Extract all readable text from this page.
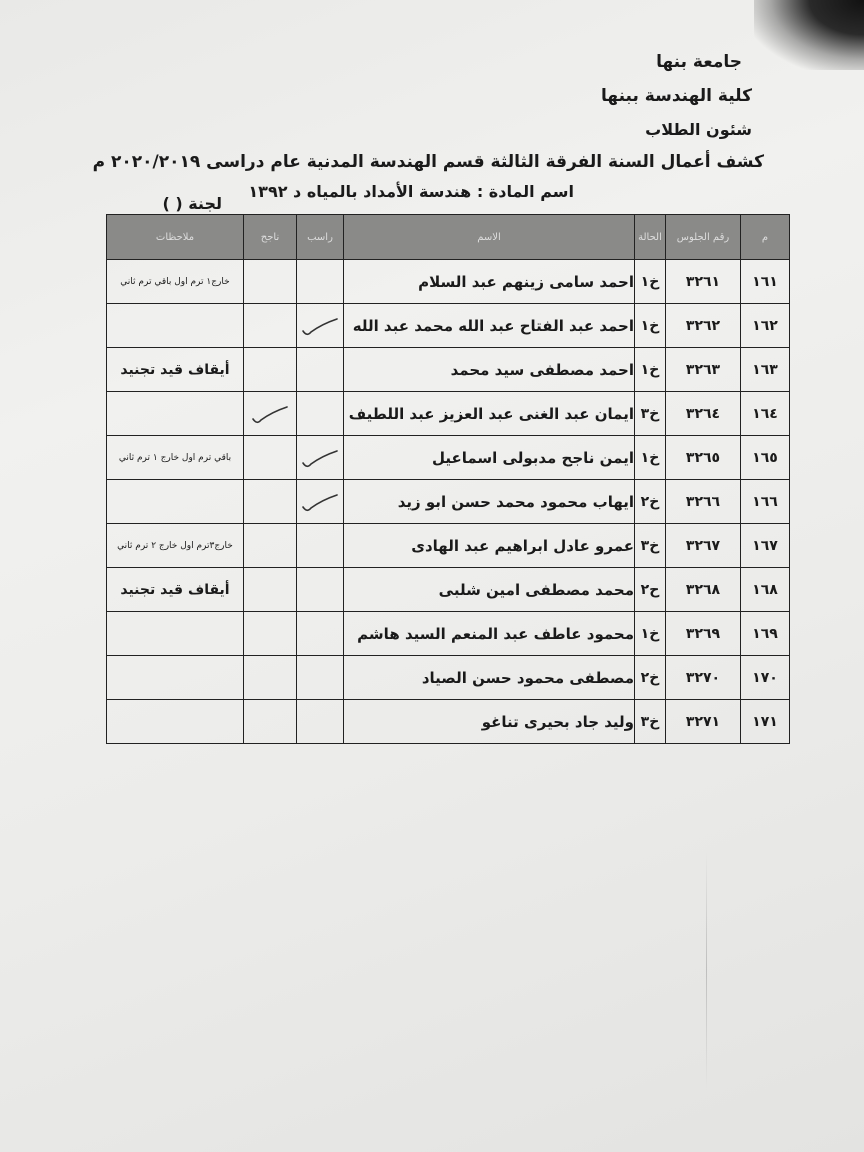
جامعة بنها
كلية الهندسة ببنها
شئون الطلاب
كشف أعمال السنة الفرقة الثالثة قسم الهندسة المدنية عام دراسى ٢٠٢٠/٢٠١٩ م
اسم المادة : هندسة الأمداد بالمياه د ١٣٩٢
لجنة ( )
م	رقم الجلوس	الحالة	الاسم	راسب	ناجح	ملاحظات
١٦١	٣٢٦١	خ١	احمد سامى زينهم عبد السلام			خارج١ ترم اول باقي ترم ثاني
١٦٢	٣٢٦٢	خ١	احمد عبد الفتاح عبد الله محمد عبد الله	

١٦٣	٣٢٦٣	خ١	احمد مصطفى سيد محمد			أيقاف قيد تجنيد
١٦٤	٣٢٦٤	خ٣	ايمان عبد الغنى عبد العزيز عبد اللطيف		

١٦٥	٣٢٦٥	خ١	ايمن ناجح مدبولى اسماعيل			باقي ترم اول خارج ١ ترم ثاني
١٦٦	٣٢٦٦	خ٢	ايهاب محمود محمد حسن ابو زيد	

١٦٧	٣٢٦٧	خ٣	عمرو عادل ابراهيم عبد الهادى			خارج٣ترم اول خارج ٢ ترم ثاني
١٦٨	٣٢٦٨	ح٢	محمد مصطفى امين شلبى			أيقاف قيد تجنيد
١٦٩	٣٢٦٩	خ١	محمود عاطف عبد المنعم السيد هاشم			
١٧٠	٣٢٧٠	خ٢	مصطفى محمود حسن الصياد			
١٧١	٣٢٧١	خ٣	وليد جاد بحيرى تناغو			
